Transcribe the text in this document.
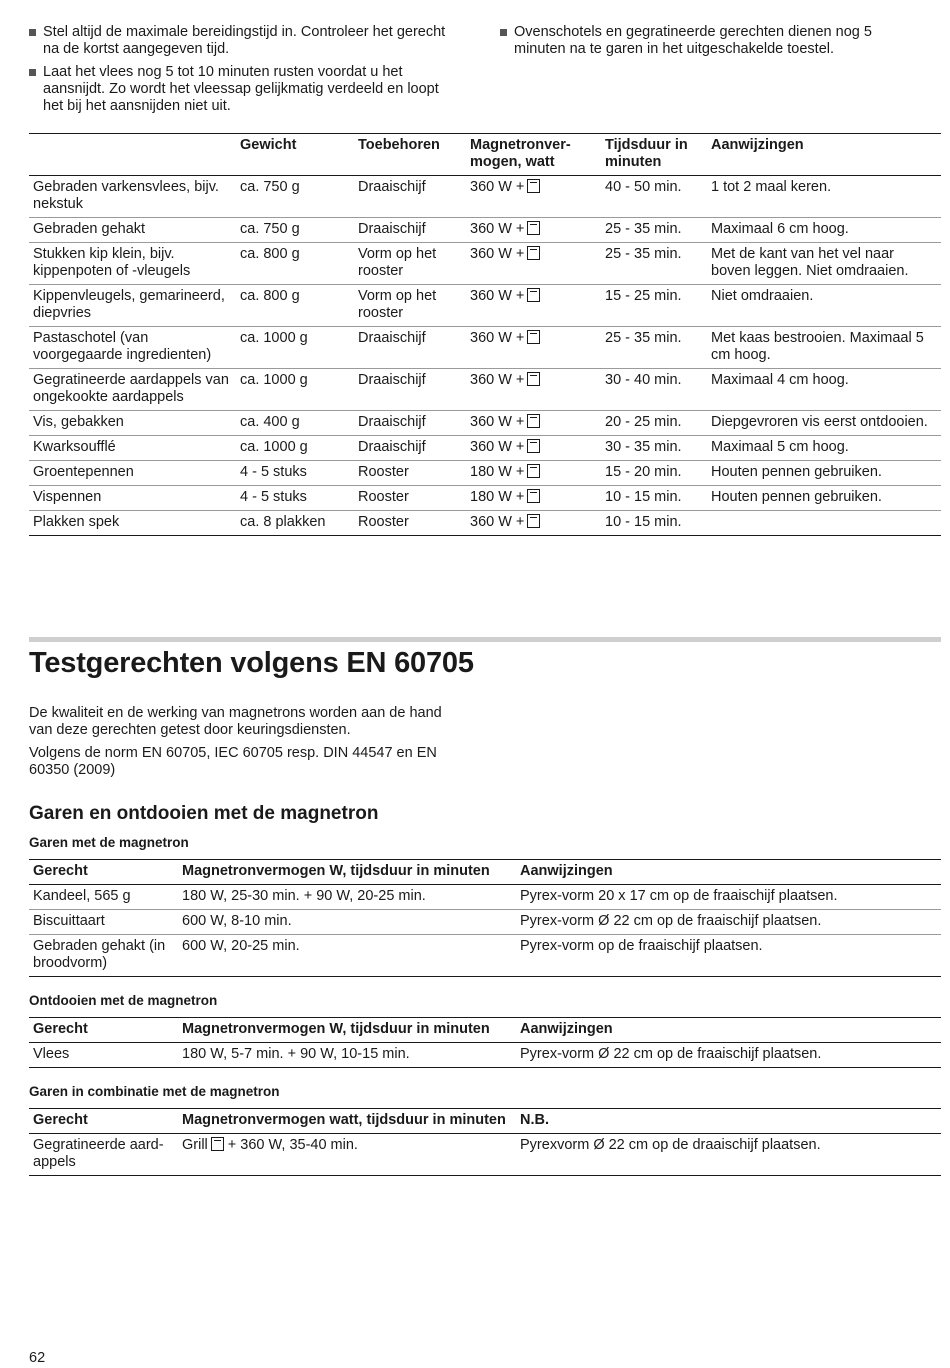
Stel altijd de maximale bereidingstijd in. Controleer het gerecht na de kortst aangegeven tijd.
Laat het vlees nog 5 tot 10 minuten rusten voordat u het aansnijdt. Zo wordt het vleessap gelijkmatig verdeeld en loopt het bij het aansnijden niet uit.
Ovenschotels en gegratineerde gerechten dienen nog 5 minuten na te garen in het uitgeschakelde toestel.
	Gewicht	Toebehoren	Magnetronvermogen, watt	Tijdsduur in minuten	Aanwijzingen
Gebraden varkensvlees, bijv. nekstuk	ca. 750 g	Draaischijf	360 W +	40 - 50 min.	1 tot 2 maal keren.
Gebraden gehakt	ca. 750 g	Draaischijf	360 W +	25 - 35 min.	Maximaal 6 cm hoog.
Stukken kip klein, bijv. kippenpoten of -vleugels	ca. 800 g	Vorm op het rooster	360 W +	25 - 35 min.	Met de kant van het vel naar boven leggen. Niet omdraaien.
Kippenvleugels, gemarineerd, diepvries	ca. 800 g	Vorm op het rooster	360 W +	15 - 25 min.	Niet omdraaien.
Pastaschotel (van voorgegaarde ingredienten)	ca. 1000 g	Draaischijf	360 W +	25 - 35 min.	Met kaas bestrooien. Maximaal 5 cm hoog.
Gegratineerde aardappels van ongekookte aardappels	ca. 1000 g	Draaischijf	360 W +	30 - 40 min.	Maximaal 4 cm hoog.
Vis, gebakken	ca. 400 g	Draaischijf	360 W +	20 - 25 min.	Diepgevroren vis eerst ontdooien.
Kwarksoufflé	ca. 1000 g	Draaischijf	360 W +	30 - 35 min.	Maximaal 5 cm hoog.
Groentepennen	4 - 5 stuks	Rooster	180 W +	15 - 20 min.	Houten pennen gebruiken.
Vispennen	4 - 5 stuks	Rooster	180 W +	10 - 15 min.	Houten pennen gebruiken.
Plakken spek	ca. 8 plakken	Rooster	360 W +	10 - 15 min.	
Testgerechten volgens EN 60705
De kwaliteit en de werking van magnetrons worden aan de hand van deze gerechten getest door keuringsdiensten.
Volgens de norm EN 60705, IEC 60705 resp. DIN 44547 en EN 60350 (2009)
Garen en ontdooien met de magnetron
Garen met de magnetron
Gerecht	Magnetronvermogen W, tijdsduur in minuten	Aanwijzingen
Kandeel, 565 g	180 W, 25-30 min. + 90 W, 20-25 min.	Pyrex-vorm 20 x 17 cm op de fraaischijf plaatsen.
Biscuittaart	600 W, 8-10 min.	Pyrex-vorm Ø 22 cm op de fraaischijf plaatsen.
Gebraden gehakt (in broodvorm)	600 W, 20-25 min.	Pyrex-vorm op de fraaischijf plaatsen.
Ontdooien met de magnetron
Gerecht	Magnetronvermogen W, tijdsduur in minuten	Aanwijzingen
Vlees	180 W, 5-7 min. + 90 W, 10-15 min.	Pyrex-vorm Ø 22 cm op de fraaischijf plaatsen.
Garen in combinatie met de magnetron
Gerecht	Magnetronvermogen watt, tijdsduur in minuten	N.B.
Gegratineerde aardappels	Grill + 360 W, 35-40 min.	Pyrexvorm Ø 22 cm op de draaischijf plaatsen.
62
